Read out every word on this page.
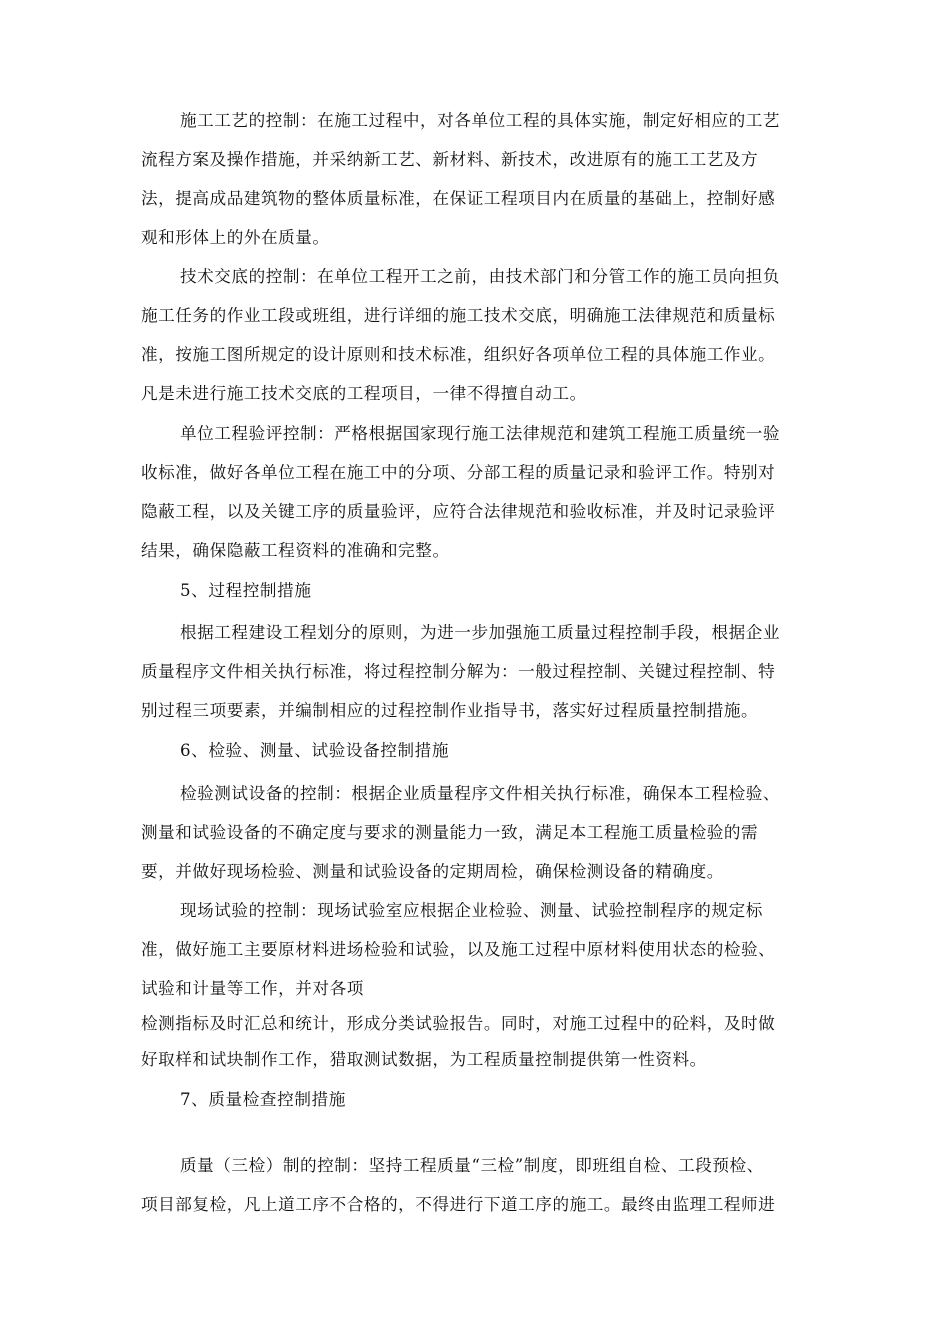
施工工艺的控制：在施工过程中，对各单位工程的具体实施，制定好相应的工艺
流程方案及操作措施，并采纳新工艺、新材料、新技术，改进原有的施工工艺及方
法，提高成品建筑物的整体质量标准，在保证工程项目内在质量的基础上，控制好感
观和形体上的外在质量。
技术交底的控制：在单位工程开工之前，由技术部门和分管工作的施工员向担负
施工任务的作业工段或班组，进行详细的施工技术交底，明确施工法律规范和质量标
准，按施工图所规定的设计原则和技术标准，组织好各项单位工程的具体施工作业。
凡是未进行施工技术交底的工程项目，一律不得擅自动工。
单位工程验评控制：严格根据国家现行施工法律规范和建筑工程施工质量统一验
收标准，做好各单位工程在施工中的分项、分部工程的质量记录和验评工作。特别对
隐蔽工程，以及关键工序的质量验评，应符合法律规范和验收标准，并及时记录验评
结果，确保隐蔽工程资料的准确和完整。
5、过程控制措施
根据工程建设工程划分的原则，为进一步加强施工质量过程控制手段，根据企业
质量程序文件相关执行标准，将过程控制分解为：一般过程控制、关键过程控制、特
别过程三项要素，并编制相应的过程控制作业指导书，落实好过程质量控制措施。
6、检验、测量、试验设备控制措施
检验测试设备的控制：根据企业质量程序文件相关执行标准，确保本工程检验、
测量和试验设备的不确定度与要求的测量能力一致，满足本工程施工质量检验的需
要，并做好现场检验、测量和试验设备的定期周检，确保检测设备的精确度。
现场试验的控制：现场试验室应根据企业检验、测量、试验控制程序的规定标
准，做好施工主要原材料进场检验和试验，以及施工过程中原材料使用状态的检验、
试验和计量等工作，并对各项
检测指标及时汇总和统计，形成分类试验报告。同时，对施工过程中的砼料，及时做
好取样和试块制作工作，猎取测试数据，为工程质量控制提供第一性资料。
7、质量检查控制措施
质量（三检）制的控制：坚持工程质量“三检”制度，即班组自检、工段预检、
项目部复检，凡上道工序不合格的，不得进行下道工序的施工。最终由监理工程师进
